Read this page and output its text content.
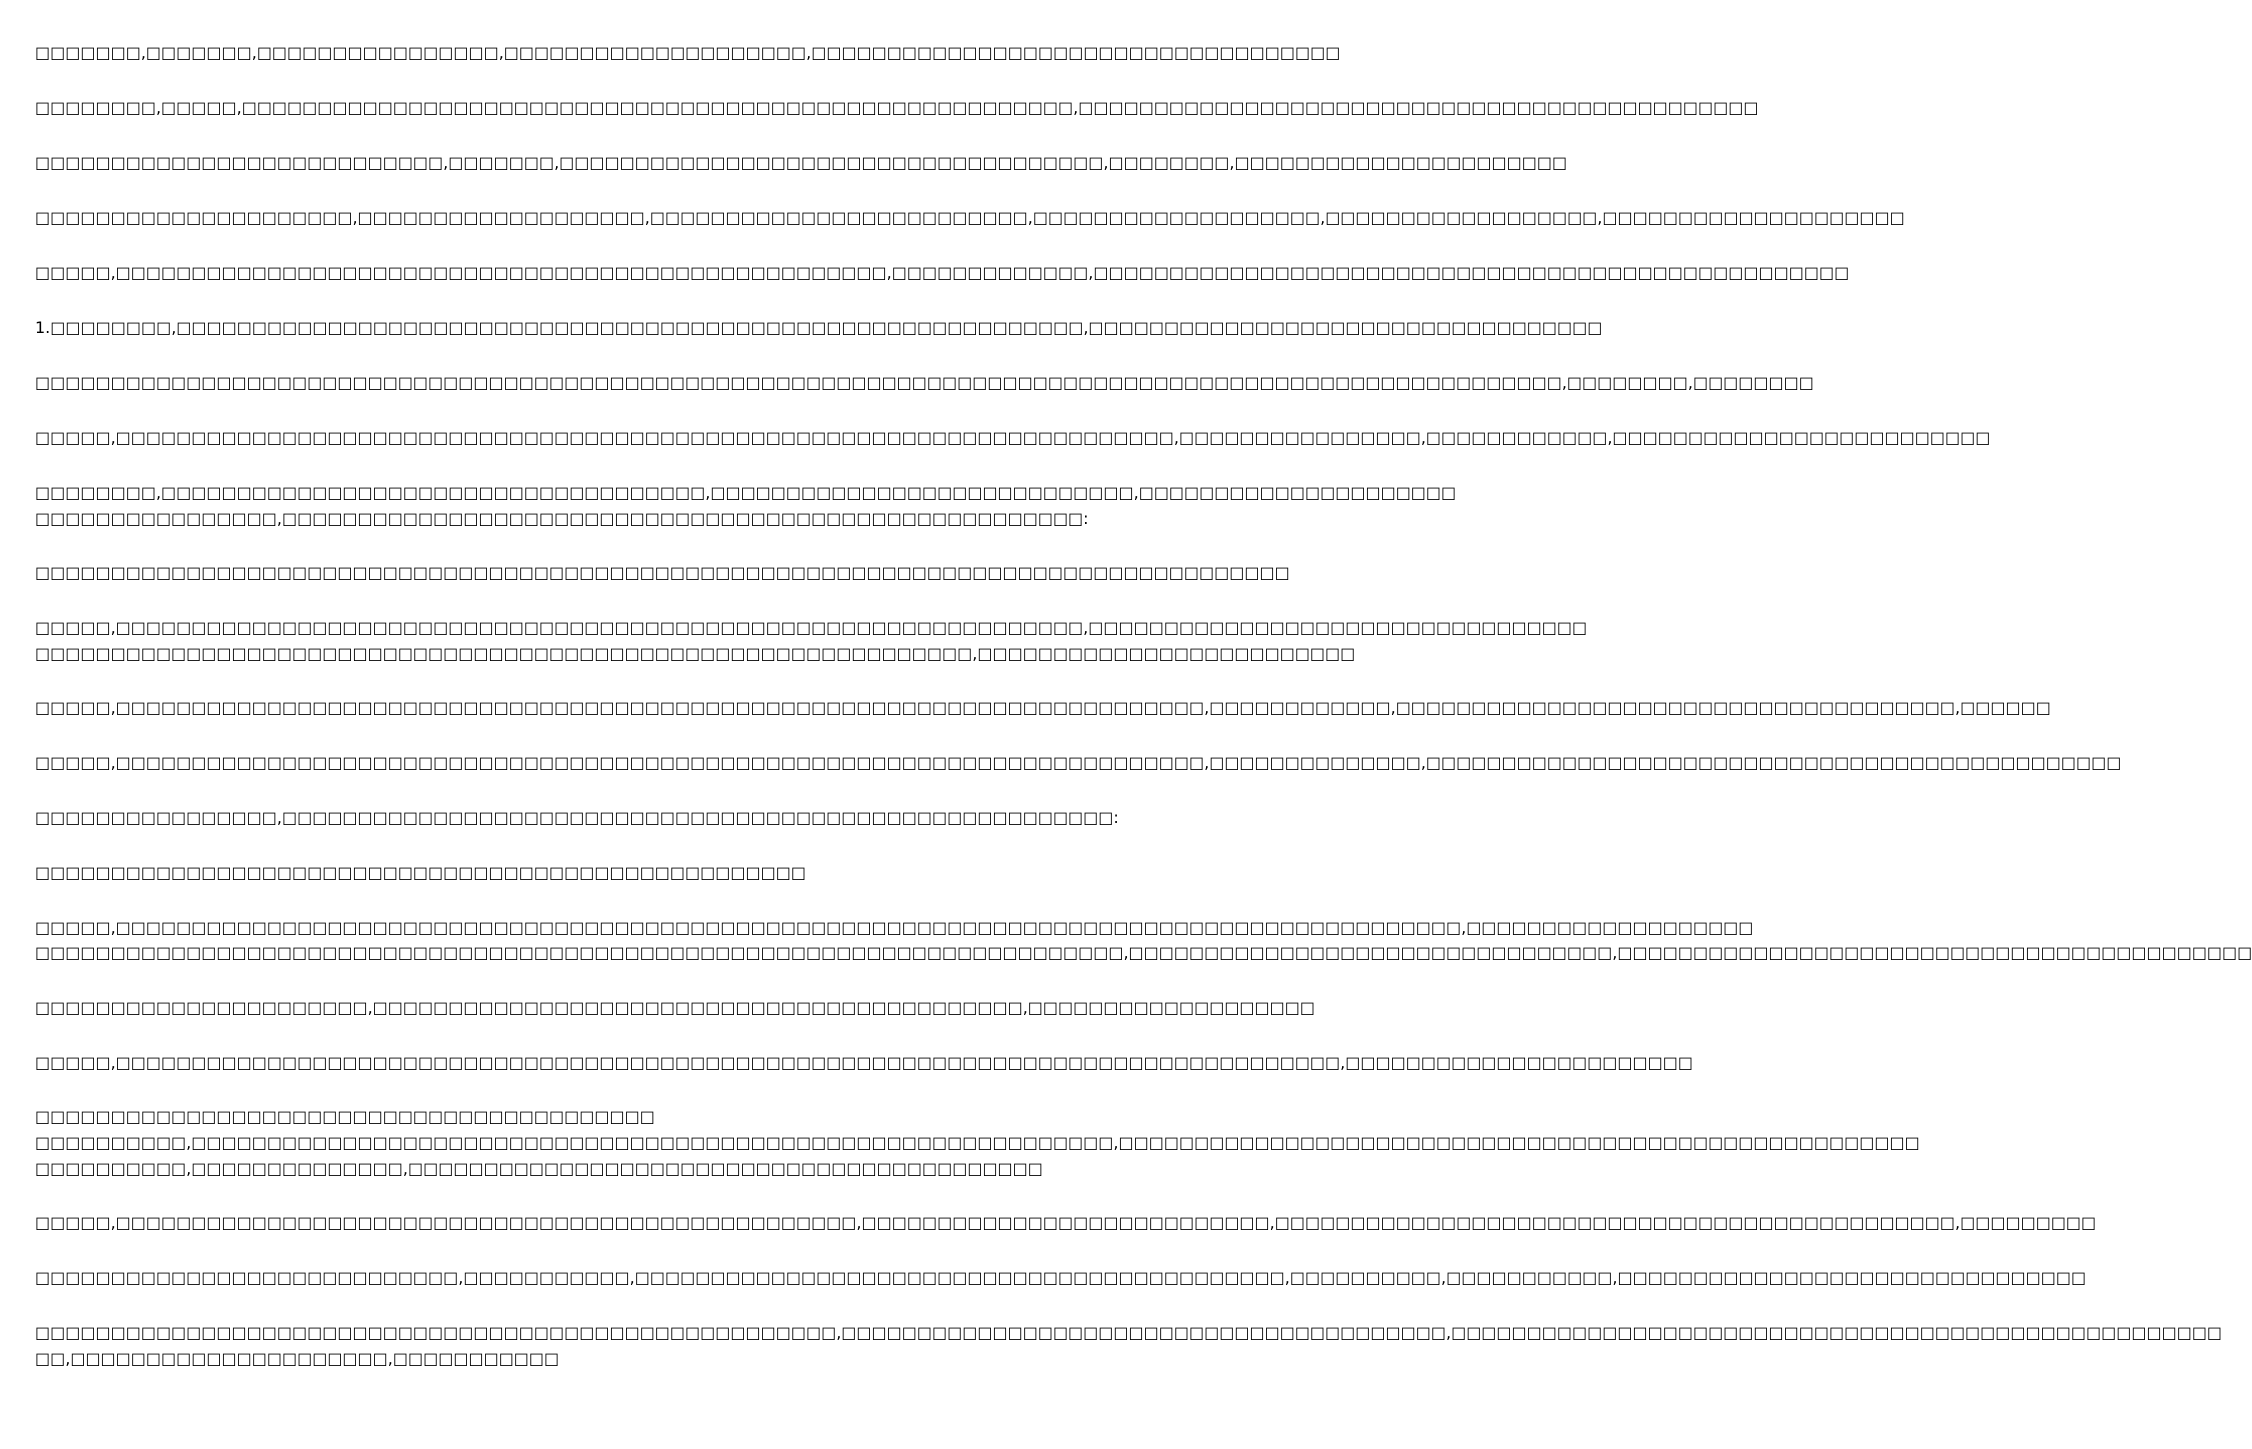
□□□□□□□,□□□□□□□,□□□□□□□□□□□□□□□□,□□□□□□□□□□□□□□□□□□□□,□□□□□□□□□□□□□□□□□□□□□□□□□□□□□□□□□□□
□□□□□□□□,□□□□□,□□□□□□□□□□□□□□□□□□□□□□□□□□□□□□□□□□□□□□□□□□□□□□□□□□□□□□□,□□□□□□□□□□□□□□□□□□□□□□□□□□□□□□□□□□□□□□□□□□□□□
□□□□□□□□□□□□□□□□□□□□□□□□□□□,□□□□□□□,□□□□□□□□□□□□□□□□□□□□□□□□□□□□□□□□□□□□,□□□□□□□□,□□□□□□□□□□□□□□□□□□□□□□
□□□□□□□□□□□□□□□□□□□□□,□□□□□□□□□□□□□□□□□□□,□□□□□□□□□□□□□□□□□□□□□□□□□,□□□□□□□□□□□□□□□□□□□,□□□□□□□□□□□□□□□□□□,□□□□□□□□□□□□□□□□□□□□
□□□□□,□□□□□□□□□□□□□□□□□□□□□□□□□□□□□□□□□□□□□□□□□□□□□□□□□□□,□□□□□□□□□□□□□,□□□□□□□□□□□□□□□□□□□□□□□□□□□□□□□□□□□□□□□□□□□□□□□□□□
1.□□□□□□□□,□□□□□□□□□□□□□□□□□□□□□□□□□□□□□□□□□□□□□□□□□□□□□□□□□□□□□□□□□□□□,□□□□□□□□□□□□□□□□□□□□□□□□□□□□□□□□□□
□□□□□□□□□□□□□□□□□□□□□□□□□□□□□□□□□□□□□□□□□□□□□□□□□□□□□□□□□□□□□□□□□□□□□□□□□□□□□□□□□□□□□□□□□□□□□□□□□□□□□,□□□□□□□□,□□□□□□□□
□□□□□,□□□□□□□□□□□□□□□□□□□□□□□□□□□□□□□□□□□□□□□□□□□□□□□□□□□□□□□□□□□□□□□□□□□□□□,□□□□□□□□□□□□□□□□,□□□□□□□□□□□□,□□□□□□□□□□□□□□□□□□□□□□□□□
□□□□□□□□,□□□□□□□□□□□□□□□□□□□□□□□□□□□□□□□□□□□□,□□□□□□□□□□□□□□□□□□□□□□□□□□□□,□□□□□□□□□□□□□□□□□□□□□
□□□□□□□□□□□□□□□□,□□□□□□□□□□□□□□□□□□□□□□□□□□□□□□□□□□□□□□□□□□□□□□□□□□□□□:
□□□□□□□□□□□□□□□□□□□□□□□□□□□□□□□□□□□□□□□□□□□□□□□□□□□□□□□□□□□□□□□□□□□□□□□□□□□□□□□□□□□
□□□□□,□□□□□□□□□□□□□□□□□□□□□□□□□□□□□□□□□□□□□□□□□□□□□□□□□□□□□□□□□□□□□□□□,□□□□□□□□□□□□□□□□□□□□□□□□□□□□□□□□□
□□□□□□□□□□□□□□□□□□□□□□□□□□□□□□□□□□□□□□□□□□□□□□□□□□□□□□□□□□□□□□,□□□□□□□□□□□□□□□□□□□□□□□□□
□□□□□,□□□□□□□□□□□□□□□□□□□□□□□□□□□□□□□□□□□□□□□□□□□□□□□□□□□□□□□□□□□□□□□□□□□□□□□□,□□□□□□□□□□□□,□□□□□□□□□□□□□□□□□□□□□□□□□□□□□□□□□□□□□,□□□□□□
□□□□□,□□□□□□□□□□□□□□□□□□□□□□□□□□□□□□□□□□□□□□□□□□□□□□□□□□□□□□□□□□□□□□□□□□□□□□□□,□□□□□□□□□□□□□□,□□□□□□□□□□□□□□□□□□□□□□□□□□□□□□□□□□□□□□□□□□□□□□
□□□□□□□□□□□□□□□□,□□□□□□□□□□□□□□□□□□□□□□□□□□□□□□□□□□□□□□□□□□□□□□□□□□□□□□□:
□□□□□□□□□□□□□□□□□□□□□□□□□□□□□□□□□□□□□□□□□□□□□□□□□□□
□□□□□,□□□□□□□□□□□□□□□□□□□□□□□□□□□□□□□□□□□□□□□□□□□□□□□□□□□□□□□□□□□□□□□□□□□□□□□□□□□□□□□□□□□□□□□□□,□□□□□□□□□□□□□□□□□□□
□□□□□□□□□□□□□□□□□□□□□□□□□□□□□□□□□□□□□□□□□□□□□□□□□□□□□□□□□□□□□□□□□□□□□□□□,□□□□□□□□□□□□□□□□□□□□□□□□□□□□□□□□,□□□□□□□□□□□□□□□□□□□□□□□□□□□□□□□□□□□□□□□□□□
□□□□□□□□□□□□□□□□□□□□□□,□□□□□□□□□□□□□□□□□□□□□□□□□□□□□□□□□□□□□□□□□□□,□□□□□□□□□□□□□□□□□□□
□□□□□,□□□□□□□□□□□□□□□□□□□□□□□□□□□□□□□□□□□□□□□□□□□□□□□□□□□□□□□□□□□□□□□□□□□□□□□□□□□□□□□□□,□□□□□□□□□□□□□□□□□□□□□□□
□□□□□□□□□□□□□□□□□□□□□□□□□□□□□□□□□□□□□□□□□
□□□□□□□□□□,□□□□□□□□□□□□□□□□□□□□□□□□□□□□□□□□□□□□□□□□□□□□□□□□□□□□□□□□□□□□□,□□□□□□□□□□□□□□□□□□□□□□□□□□□□□□□□□□□□□□□□□□□□□□□□□□□□□
□□□□□□□□□□,□□□□□□□□□□□□□□,□□□□□□□□□□□□□□□□□□□□□□□□□□□□□□□□□□□□□□□□□□
□□□□□,□□□□□□□□□□□□□□□□□□□□□□□□□□□□□□□□□□□□□□□□□□□□□□□□□,□□□□□□□□□□□□□□□□□□□□□□□□□□□,□□□□□□□□□□□□□□□□□□□□□□□□□□□□□□□□□□□□□□□□□□□□□,□□□□□□□□□
□□□□□□□□□□□□□□□□□□□□□□□□□□□□,□□□□□□□□□□□,□□□□□□□□□□□□□□□□□□□□□□□□□□□□□□□□□□□□□□□□□□□,□□□□□□□□□□,□□□□□□□□□□□,□□□□□□□□□□□□□□□□□□□□□□□□□□□□□□□
□□□□□□□□□□□□□□□□□□□□□□□□□□□□□□□□□□□□□□□□□□□□□□□□□□□□□,□□□□□□□□□□□□□□□□□□□□□□□□□□□□□□□□□□□□□□□□,□□□□□□□□□□□□□□□□□□□□□□□□□□□□□□□□□□□□□□□□□□□□□□□□□□□
□□,□□□□□□□□□□□□□□□□□□□□□,□□□□□□□□□□□
